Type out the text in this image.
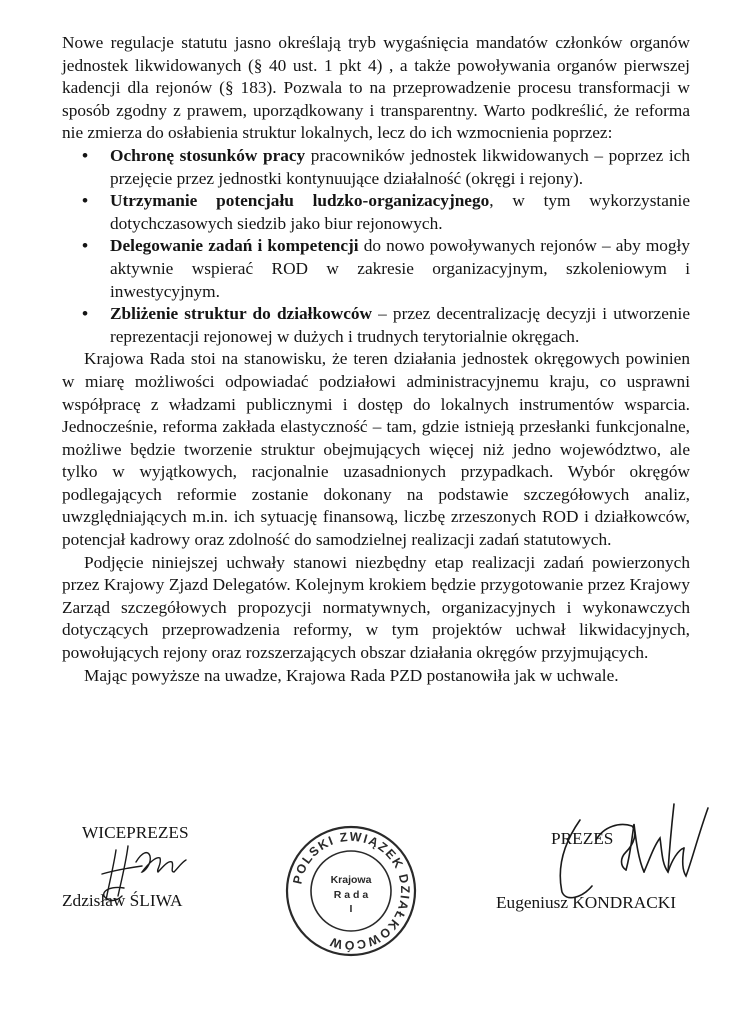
Nowe regulacje statutu jasno określają tryb wygaśnięcia mandatów członków organów jednostek likwidowanych (§ 40 ust. 1 pkt 4) , a także powoływania organów pierwszej kadencji dla rejonów (§ 183). Pozwala to na przeprowadzenie procesu transformacji w sposób zgodny z prawem, uporządkowany i transparentny. Warto podkreślić, że reforma nie zmierza do osłabienia struktur lokalnych, lecz do ich wzmocnienia poprzez:

• Ochronę stosunków pracy pracowników jednostek likwidowanych – poprzez ich przejęcie przez jednostki kontynuujące działalność (okręgi i rejony).
• Utrzymanie potencjału ludzko-organizacyjnego, w tym wykorzystanie dotychczasowych siedzib jako biur rejonowych.
• Delegowanie zadań i kompetencji do nowo powoływanych rejonów – aby mogły aktywnie wspierać ROD w zakresie organizacyjnym, szkoleniowym i inwestycyjnym.
• Zbliżenie struktur do działkowców – przez decentralizację decyzji i utworzenie reprezentacji rejonowej w dużych i trudnych terytorialnie okręgach.

Krajowa Rada stoi na stanowisku, że teren działania jednostek okręgowych powinien w miarę możliwości odpowiadać podziałowi administracyjnemu kraju, co usprawni współpracę z władzami publicznymi i dostęp do lokalnych instrumentów wsparcia. Jednocześnie, reforma zakłada elastyczność – tam, gdzie istnieją przesłanki funkcjonalne, możliwe będzie tworzenie struktur obejmujących więcej niż jedno województwo, ale tylko w wyjątkowych, racjonalnie uzasadnionych przypadkach. Wybór okręgów podlegających reformie zostanie dokonany na podstawie szczegółowych analiz, uwzględniających m.in. ich sytuację finansową, liczbę zrzeszonych ROD i działkowców, potencjał kadrowy oraz zdolność do samodzielnej realizacji zadań statutowych.

Podjęcie niniejszej uchwały stanowi niezbędny etap realizacji zadań powierzonych przez Krajowy Zjazd Delegatów. Kolejnym krokiem będzie przygotowanie przez Krajowy Zarząd szczegółowych propozycji normatywnych, organizacyjnych i wykonawczych dotyczących przeprowadzenia reformy, w tym projektów uchwał likwidacyjnych, powołujących rejony oraz rozszerzających obszar działania okręgów przyjmujących.

Mając powyższe na uwadze, Krajowa Rada PZD postanowiła jak w uchwale.

WICEPREZES
Zdzisław ŚLIWA
PREZES
Eugeniusz KONDRACKI
POLSKI ZWIĄZEK DZIAŁKOWCÓW
Krajowa
R a d a
I
